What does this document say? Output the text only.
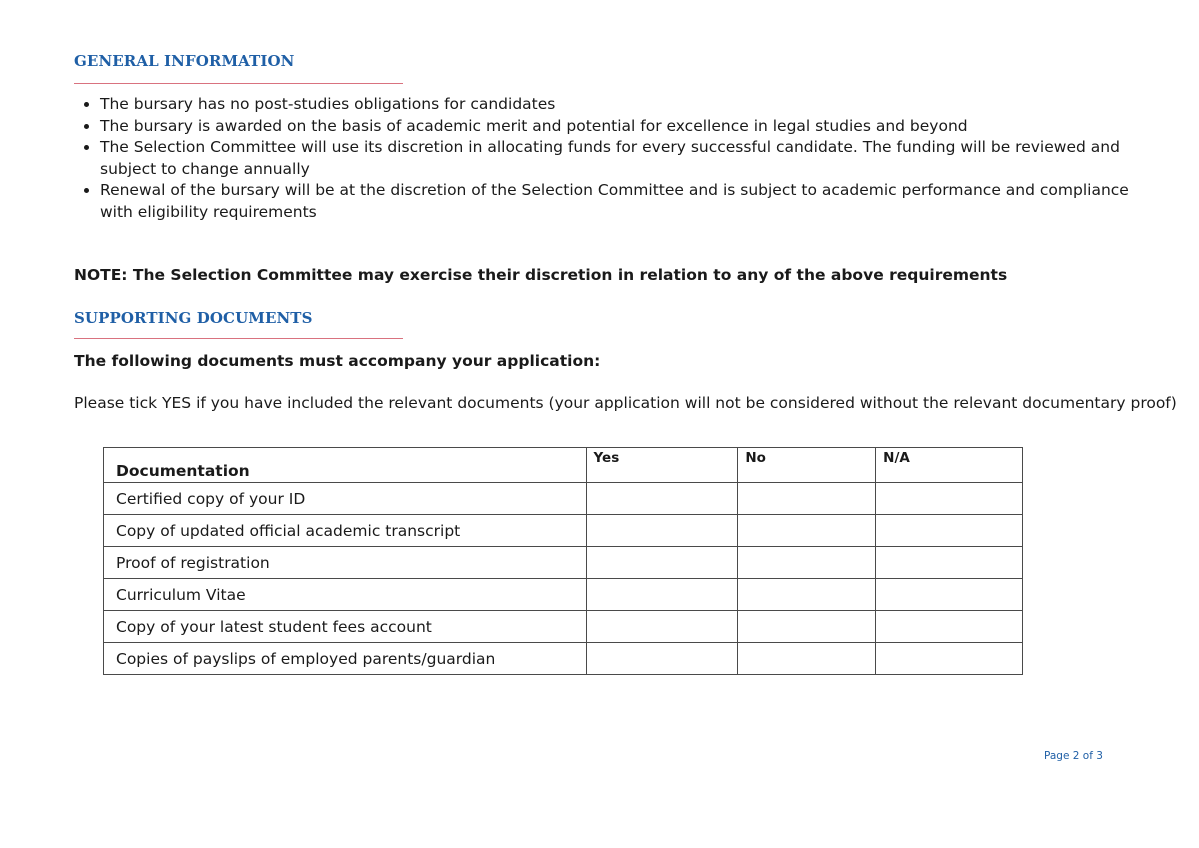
GENERAL INFORMATION
• The bursary has no post-studies obligations for candidates
• The bursary is awarded on the basis of academic merit and potential for excellence in legal studies and beyond
• The Selection Committee will use its discretion in allocating funds for every successful candidate. The funding will be reviewed and subject to change annually
• Renewal of the bursary will be at the discretion of the Selection Committee and is subject to academic performance and compliance with eligibility requirements
NOTE: The Selection Committee may exercise their discretion in relation to any of the above requirements
SUPPORTING DOCUMENTS
The following documents must accompany your application:
Please tick YES if you have included the relevant documents (your application will not be considered without the relevant documentary proof)
Documentation	Yes	No	N/A
Certified copy of your ID			
Copy of updated official academic transcript			
Proof of registration			
Curriculum Vitae			
Copy of your latest student fees account			
Copies of payslips of employed parents/guardian			
Page 2 of 3
